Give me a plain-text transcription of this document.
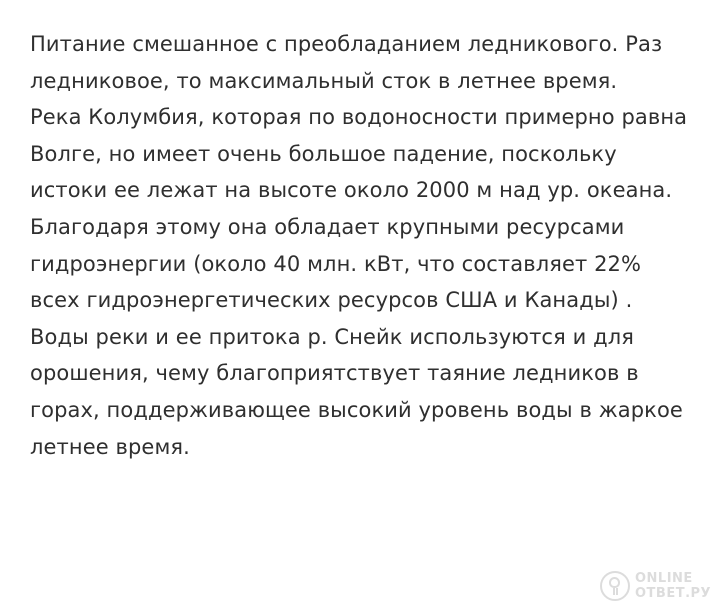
Питание смешанное с преобладанием ледникового. Раз ледниковое, то максимальный сток в летнее время.

Река Колумбия, которая по водоносности примерно равна Волге, но имеет очень большое падение, поскольку истоки ее лежат на высоте около 2000 м над ур. океана. Благодаря этому она обладает крупными ресурсами гидроэнергии (около 40 млн. кВт, что составляет 22% всех гидроэнергетических ресурсов США и Канады) . Воды реки и ее притока р. Снейк используются и для орошения, чему благоприятствует таяние ледников в горах, поддерживающее высокий уровень воды в жаркое летнее время.

ONLINE
ОТВЕТ.РУ
